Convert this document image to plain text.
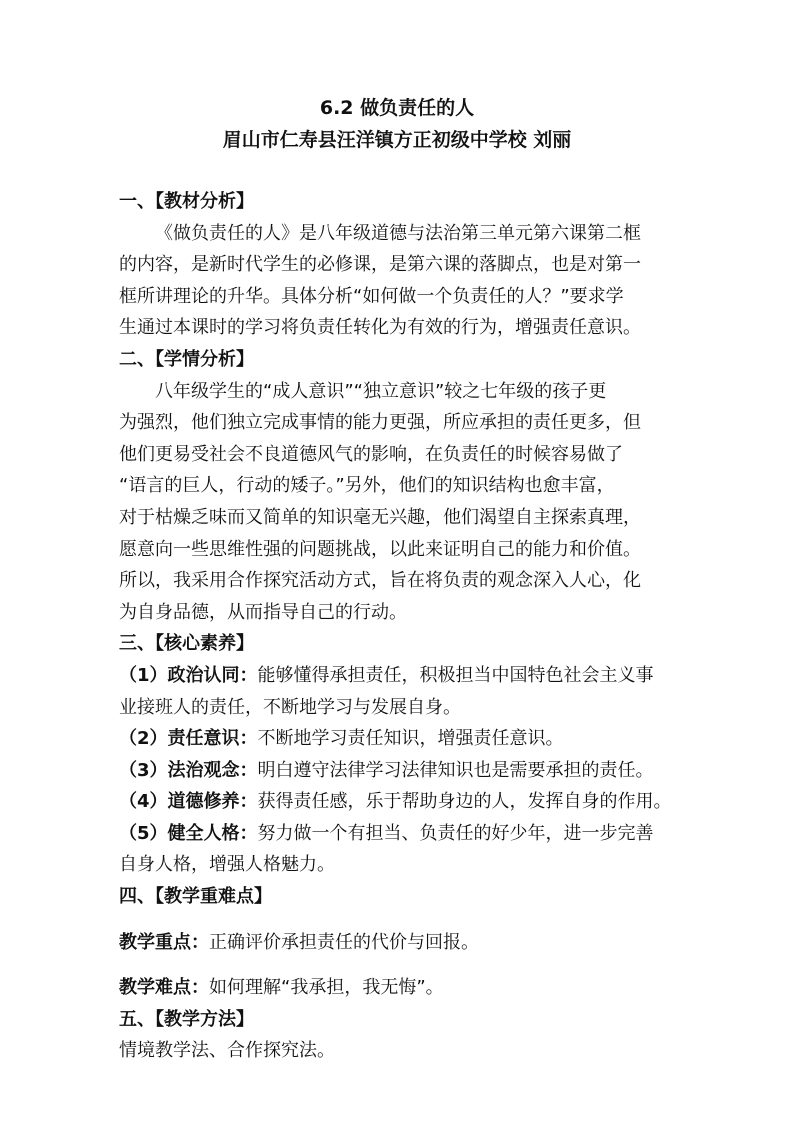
6.2 做负责任的人
眉山市仁寿县汪洋镇方正初级中学校 刘丽
一、【教材分析】
《做负责任的人》是八年级道德与法治第三单元第六课第二框
的内容，是新时代学生的必修课，是第六课的落脚点，也是对第一
框所讲理论的升华。具体分析“如何做一个负责任的人？”要求学
生通过本课时的学习将负责任转化为有效的行为，增强责任意识。
二、【学情分析】
八年级学生的“成人意识”“独立意识”较之七年级的孩子更
为强烈，他们独立完成事情的能力更强，所应承担的责任更多，但
他们更易受社会不良道德风气的影响，在负责任的时候容易做了
“语言的巨人，行动的矮子。”另外，他们的知识结构也愈丰富，
对于枯燥乏味而又简单的知识毫无兴趣，他们渴望自主探索真理，
愿意向一些思维性强的问题挑战，以此来证明自己的能力和价值。
所以，我采用合作探究活动方式，旨在将负责的观念深入人心，化
为自身品德，从而指导自己的行动。
三、【核心素养】
（1）政治认同：能够懂得承担责任，积极担当中国特色社会主义事
业接班人的责任，不断地学习与发展自身。
（2）责任意识：不断地学习责任知识，增强责任意识。
（3）法治观念：明白遵守法律学习法律知识也是需要承担的责任。
（4）道德修养：获得责任感，乐于帮助身边的人，发挥自身的作用。
（5）健全人格：努力做一个有担当、负责任的好少年，进一步完善
自身人格，增强人格魅力。
四、【教学重难点】
教学重点：正确评价承担责任的代价与回报。
教学难点：如何理解“我承担，我无悔”。
五、【教学方法】
情境教学法、合作探究法。
